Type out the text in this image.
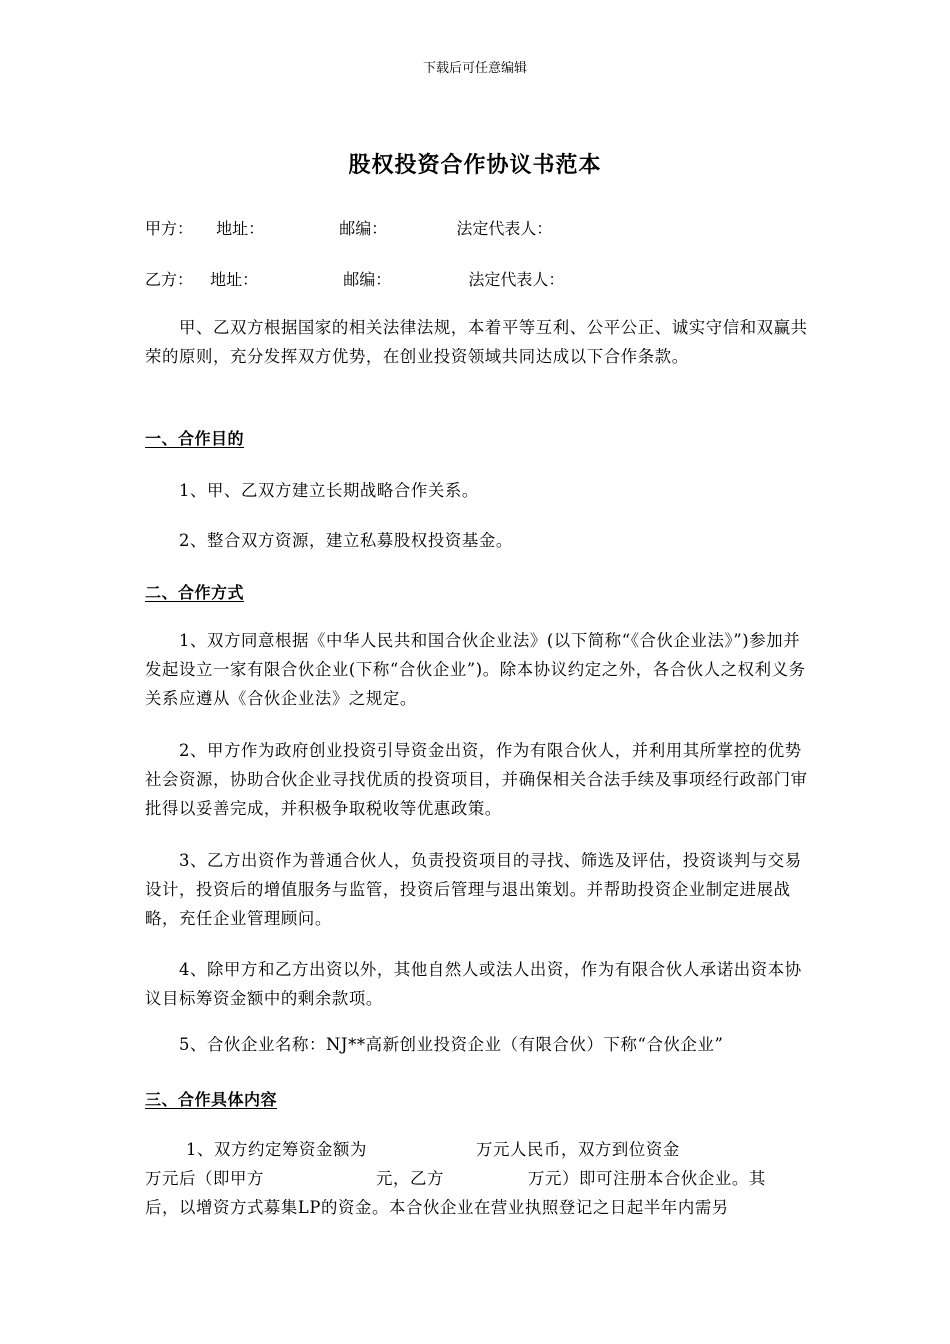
下载后可任意编辑
股权投资合作协议书范本
甲方： 地址：	邮编：	法定代表人：
乙方： 地址：	邮编：	法定代表人：
甲、乙双方根据国家的相关法律法规，本着平等互利、公平公正、诚实守信和双赢共荣的原则，充分发挥双方优势，在创业投资领域共同达成以下合作条款。
一、合作目的
1、甲、乙双方建立长期战略合作关系。
2、整合双方资源，建立私募股权投资基金。
二、合作方式
1、双方同意根据《中华人民共和国合伙企业法》(以下简称“《合伙企业法》”)参加并发起设立一家有限合伙企业(下称“合伙企业”)。除本协议约定之外，各合伙人之权利义务关系应遵从《合伙企业法》之规定。
2、甲方作为政府创业投资引导资金出资，作为有限合伙人，并利用其所掌控的优势社会资源，协助合伙企业寻找优质的投资项目，并确保相关合法手续及事项经行政部门审批得以妥善完成，并积极争取税收等优惠政策。
3、乙方出资作为普通合伙人，负责投资项目的寻找、筛选及评估，投资谈判与交易设计，投资后的增值服务与监管，投资后管理与退出策划。并帮助投资企业制定进展战略，充任企业管理顾问。
4、除甲方和乙方出资以外，其他自然人或法人出资，作为有限合伙人承诺出资本协议目标筹资金额中的剩余款项。
5、合伙企业名称：NJ**高新创业投资企业（有限合伙）下称“合伙企业”
三、合作具体内容
1、双方约定筹资金额为	万元人民币，双方到位资金
万元后（即甲方	元，乙方	万元）即可注册本合伙企业。其
后，以增资方式募集LP的资金。本合伙企业在营业执照登记之日起半年内需另
